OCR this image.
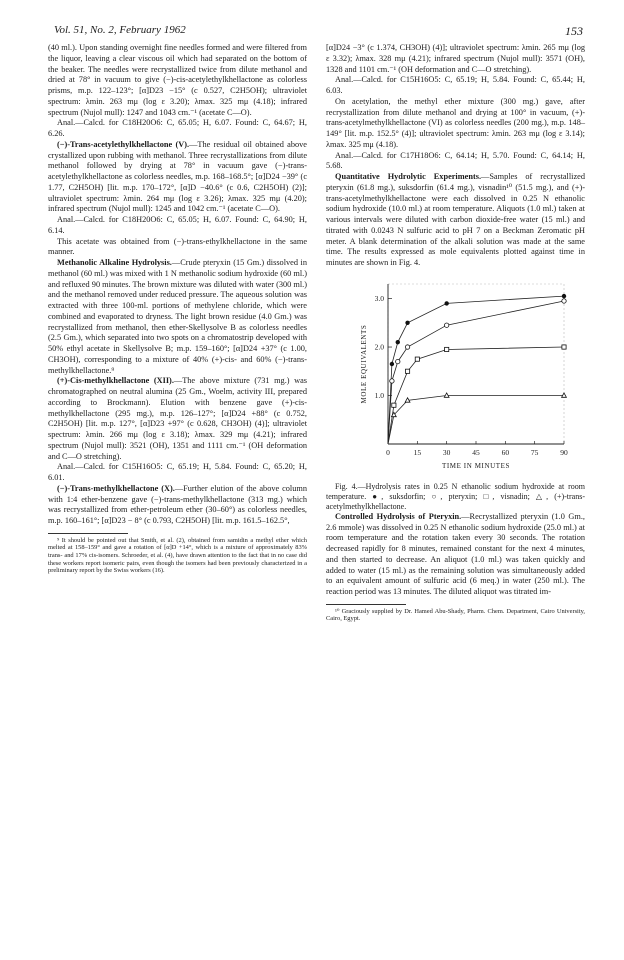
Vol. 51, No. 2, February 1962	153

(40 ml.). Upon standing overnight fine needles formed and were filtered from the liquor, leaving a clear viscous oil which had separated on the bottom of the beaker. The needles were recrystallized twice from dilute methanol and dried at 78° in vacuum to give (−)-cis-acetylethylkhellactone as colorless prisms, m.p. 122–123°; [α]D23 −15° (c 0.527, C2H5OH); ultraviolet spectrum: λmin. 263 mμ (log ε 3.20); λmax. 325 mμ (4.18); infrared spectrum (Nujol mull): 1247 and 1043 cm.⁻¹ (acetate C—O).

Anal.—Calcd. for C18H20O6: C, 65.05; H, 6.07. Found: C, 64.67; H, 6.26.

(−)-Trans-acetylethylkhellactone (V).—The residual oil obtained above crystallized upon rubbing with methanol. Three recrystallizations from dilute methanol followed by drying at 78° in vacuum gave (−)-trans-acetylethylkhellactone as colorless needles, m.p. 168–168.5°; [α]D24 −39° (c 1.77, C2H5OH) [lit. m.p. 170–172°, [α]D −40.6° (c 0.6, C2H5OH) (2)]; ultraviolet spectrum: λmin. 264 mμ (log ε 3.26); λmax. 325 mμ (4.20); infrared spectrum (Nujol mull): 1245 and 1042 cm.⁻¹ (acetate C—O).

Anal.—Calcd. for C18H20O6: C, 65.05; H, 6.07. Found: C, 64.90; H, 6.14.

This acetate was obtained from (−)-trans-ethylkhellactone in the same manner.

Methanolic Alkaline Hydrolysis.—Crude pteryxin (15 Gm.) dissolved in methanol (60 ml.) was mixed with 1 N methanolic sodium hydroxide (60 ml.) and refluxed 90 minutes. The brown mixture was diluted with water (300 ml.) and the methanol removed under reduced pressure. The aqueous solution was extracted with three 100-ml. portions of methylene chloride, which were combined and evaporated to dryness. The light brown residue (4.0 Gm.) was recrystallized from methanol, then ether-Skellysolve B as colorless needles (2.5 Gm.), which separated into two spots on a chromatostrip developed with 50% ethyl acetate in Skellysolve B; m.p. 159–160°; [α]D24 +37° (c 1.00, CH3OH), corresponding to a mixture of 40% (+)-cis- and 60% (−)-trans-methylkhellactone.⁹

(+)-Cis-methylkhellactone (XII).—The above mixture (731 mg.) was chromatographed on neutral alumina (25 Gm., Woelm, activity III, prepared according to Brockmann). Elution with benzene gave (+)-cis-methylkhellactone (295 mg.), m.p. 126–127°; [α]D24 +88° (c 0.752, C2H5OH) [lit. m.p. 127°, [α]D23 +97° (c 0.628, CH3OH) (4)]; ultraviolet spectrum: λmin. 266 mμ (log ε 3.18); λmax. 329 mμ (4.21); infrared spectrum (Nujol mull): 3521 (OH), 1351 and 1111 cm.⁻¹ (OH deformation and C—O stretching).

Anal.—Calcd. for C15H16O5: C, 65.19; H, 5.84. Found: C, 65.20; H, 6.01.

(−)-Trans-methylkhellactone (X).—Further elution of the above column with 1:4 ether-benzene gave (−)-trans-methylkhellactone (313 mg.) which was recrystallized from ether-petroleum ether (30–60°) as colorless needles, m.p. 160–161°; [α]D23 − 8° (c 0.793, C2H5OH) [lit. m.p. 161.5–162.5°,

⁹ It should be pointed out that Smith, et al. (2), obtained from samidin a methyl ether which melted at 158–159° and gave a rotation of [α]D +14°, which is a mixture of approximately 83% trans- and 17% cis-isomers. Schroeder, et al. (4), have drawn attention to the fact that in no case did these workers report isomeric pairs, even though the isomers had been previously characterized in a preliminary report by the Swiss workers (16).

[α]D24 −3° (c 1.374, CH3OH) (4)]; ultraviolet spectrum: λmin. 265 mμ (log ε 3.32); λmax. 328 mμ (4.21); infrared spectrum (Nujol mull): 3571 (OH), 1328 and 1101 cm.⁻¹ (OH deformation and C—O stretching).

Anal.—Calcd. for C15H16O5: C, 65.19; H, 5.84. Found: C, 65.44; H, 6.03.

On acetylation, the methyl ether mixture (300 mg.) gave, after recrystallization from dilute methanol and drying at 100° in vacuum, (+)-trans-acetylmethylkhellactone (VI) as colorless needles (200 mg.), m.p. 148–149° [lit. m.p. 152.5° (4)]; ultraviolet spectrum: λmin. 263 mμ (log ε 3.14); λmax. 325 mμ (4.18).

Anal.—Calcd. for C17H18O6: C, 64.14; H, 5.70. Found: C, 64.14; H, 5.68.

Quantitative Hydrolytic Experiments.—Samples of recrystallized pteryxin (61.8 mg.), suksdorfin (61.4 mg.), visnadin¹⁰ (51.5 mg.), and (+)-trans-acetylmethylkhellactone were each dissolved in 0.25 N ethanolic sodium hydroxide (10.0 ml.) at room temperature. Aliquots (1.0 ml.) taken at various intervals were diluted with carbon dioxide-free water (15 ml.) and titrated with 0.0243 N sulfuric acid to pH 7 on a Beckman Zeromatic pH meter. A blank determination of the alkali solution was made at the same time. The results expressed as mole equivalents plotted against time in minutes are shown in Fig. 4.

0	15	30	45	60	75	90
1.0
2.0
3.0
TIME IN MINUTES
MOLE EQUIVALENTS

Fig. 4.—Hydrolysis rates in 0.25 N ethanolic sodium hydroxide at room temperature. ●, suksdorfin; ○, pteryxin; □, visnadin; △, (+)-trans-acetylmethylkhellactone.

Controlled Hydrolysis of Pteryxin.—Recrystallized pteryxin (1.0 Gm., 2.6 mmole) was dissolved in 0.25 N ethanolic sodium hydroxide (25.0 ml.) at room temperature and the rotation taken every 30 seconds. The rotation decreased rapidly for 8 minutes, remained constant for the next 4 minutes, and then started to decrease. An aliquot (1.0 ml.) was taken quickly and added to water (15 ml.) as the remaining solution was simultaneously added to an equivalent amount of sulfuric acid (6 meq.) in water (250 ml.). The reaction period was 13 minutes. The diluted aliquot was titrated im-

¹⁰ Graciously supplied by Dr. Hamed Abu-Shady, Pharm. Chem. Department, Cairo University, Cairo, Egypt.
